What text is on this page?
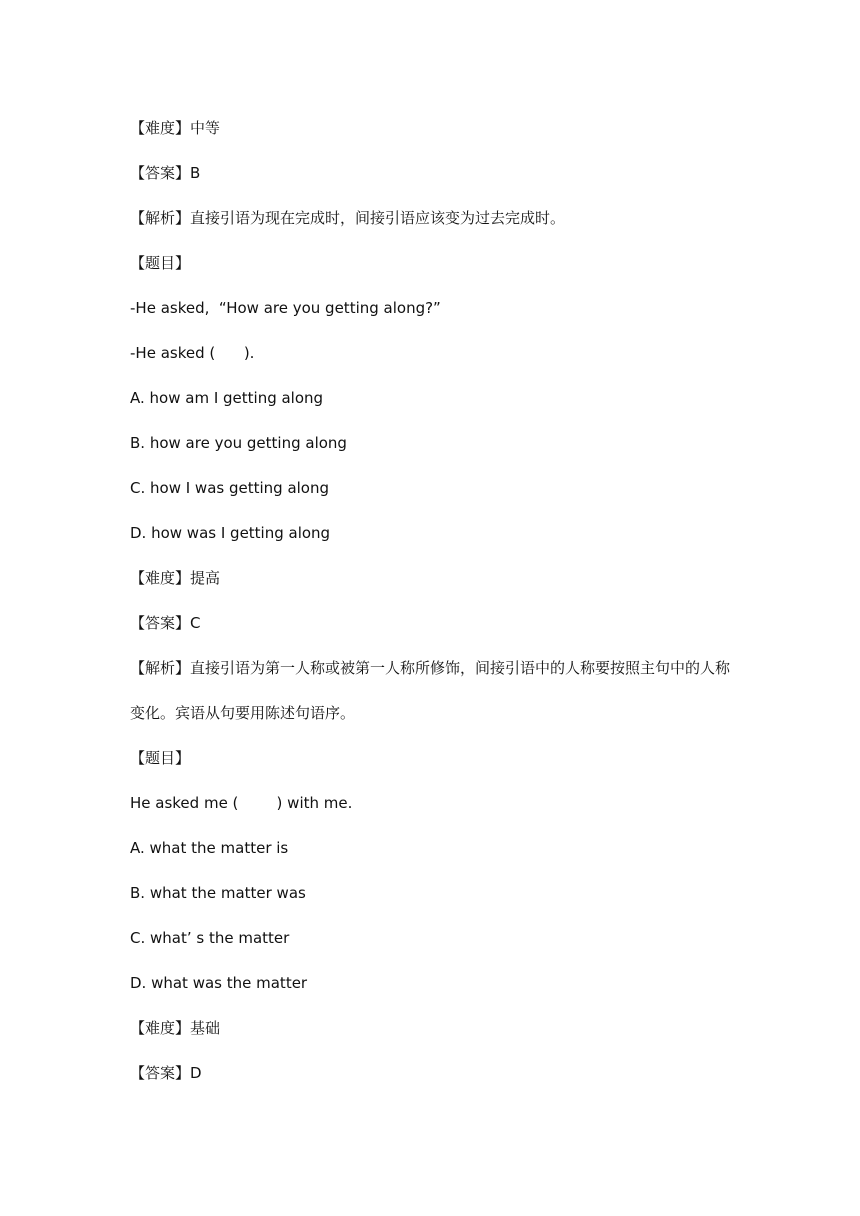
【难度】中等
【答案】B
【解析】直接引语为现在完成时，间接引语应该变为过去完成时。
【题目】
-He asked,  “How are you getting along?”
-He asked (      ).
A. how am I getting along
B. how are you getting along
C. how I was getting along
D. how was I getting along
【难度】提高
【答案】C
【解析】直接引语为第一人称或被第一人称所修饰，间接引语中的人称要按照主句中的人称
变化。宾语从句要用陈述句语序。
【题目】
He asked me (        ) with me.
A. what the matter is
B. what the matter was
C. what’ s the matter
D. what was the matter
【难度】基础
【答案】D
